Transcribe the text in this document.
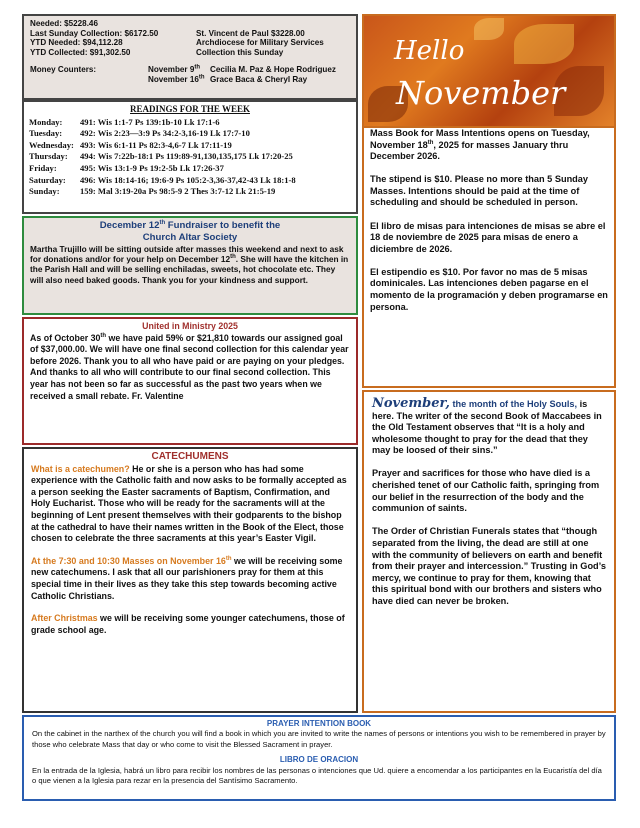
Needed: $5228.46
Last Sunday Collection: $6172.50	St. Vincent de Paul $3228.00
YTD Needed: $94,112.28	Archdiocese for Military Services
YTD Collected: $91,302.50	Collection this Sunday
Money Counters:	November 9th	Cecilia M. Paz & Hope Rodriguez
November 16th Grace Baca & Cheryl Ray
READINGS FOR THE WEEK
Monday:	491: Wis 1:1-7 Ps 139:1b-10 Lk 17:1-6
Tuesday:	492: Wis 2:23—3:9 Ps 34:2-3,16-19 Lk 17:7-10
Wednesday: 493: Wis 6:1-11 Ps 82:3-4,6-7 Lk 17:11-19
Thursday:	494: Wis 7:22b-18:1 Ps 119:89-91,130,135,175 Lk 17:20-25
Friday:	495: Wis 13:1-9 Ps 19:2-5b Lk 17:26-37
Saturday:	496: Wis 18:14-16; 19:6-9 Ps 105:2-3,36-37,42-43 Lk 18:1-8
Sunday:	159: Mal 3:19-20a Ps 98:5-9 2 Thes 3:7-12 Lk 21:5-19
December 12th Fundraiser to benefit the
Church Altar Society
Martha Trujillo will be sitting outside after masses this weekend and next to ask for donations and/or for your help on December 12th. She will have the kitchen in the Parish Hall and will be selling enchiladas, sweets, hot chocolate etc. They will also need baked goods. Thank you for your kindness and support.
United in Ministry 2025
As of October 30th we have paid 59% or $21,810 towards our assigned goal of $37,000.00. We will have one final second collection for this calendar year before 2026. Thank you to all who have paid or are paying on your pledges. And thanks to all who will contribute to our final second collection. This year has not been so far as successful as the past two years when we received a small rebate. Fr. Valentine
CATECHUMENS

What is a catechumen? He or she is a person who has had some experience with the Catholic faith and now asks to be formally accepted as a person seeking the Easter sacraments of Baptism, Confirmation, and Holy Eucharist. Those who will be ready for the sacraments will at the beginning of Lent present themselves with their godparents to the bishop at the cathedral to have their names written in the Book of the Elect, those chosen to celebrate the three sacraments at this year’s Easter Vigil.

At the 7:30 and 10:30 Masses on November 16th we will be receiving some new catechumens. I ask that all our parishioners pray for them at this special time in their lives as they take this step towards becoming active Catholic Christians.

After Christmas we will be receiving some younger catechumens, those of grade school age.

Hello
November

Mass Book for Mass Intentions opens on Tuesday, November 18th, 2025 for masses January thru December 2026.

The stipend is $10. Please no more than 5 Sunday Masses. Intentions should be paid at the time of scheduling and should be scheduled in person.

El libro de misas para intenciones de misas se abre el 18 de noviembre de 2025 para misas de enero a diciembre de 2026.

El estipendio es $10. Por favor no mas de 5 misas dominicales. Las intenciones deben pagarse en el momento de la programación y deben programarse en persona.

November, the month of the Holy Souls, is here. The writer of the second Book of Maccabees in the Old Testament observes that “It is a holy and wholesome thought to pray for the dead that they may be loosed of their sins.”

Prayer and sacrifices for those who have died is a cherished tenet of our Catholic faith, springing from our belief in the resurrection of the body and the communion of saints.

The Order of Christian Funerals states that “though separated from the living, the dead are still at one with the community of believers on earth and benefit from their prayer and intercession.” Trusting in God’s mercy, we continue to pray for them, knowing that this spiritual bond with our brothers and sisters who have died can never be broken.

PRAYER INTENTION BOOK
On the cabinet in the narthex of the church you will find a book in which you are invited to write the names of persons or intentions you wish to be remembered in prayer by those who celebrate Mass that day or who come to visit the Blessed Sacrament in prayer.
LIBRO DE ORACION
En la entrada de la Iglesia, habrá un libro para recibir los nombres de las personas o intenciones que Ud. quiere a encomendar a los participantes en la Eucaristía del día o que vienen a la Iglesia para rezar en la presencia del Santísimo Sacramento.
